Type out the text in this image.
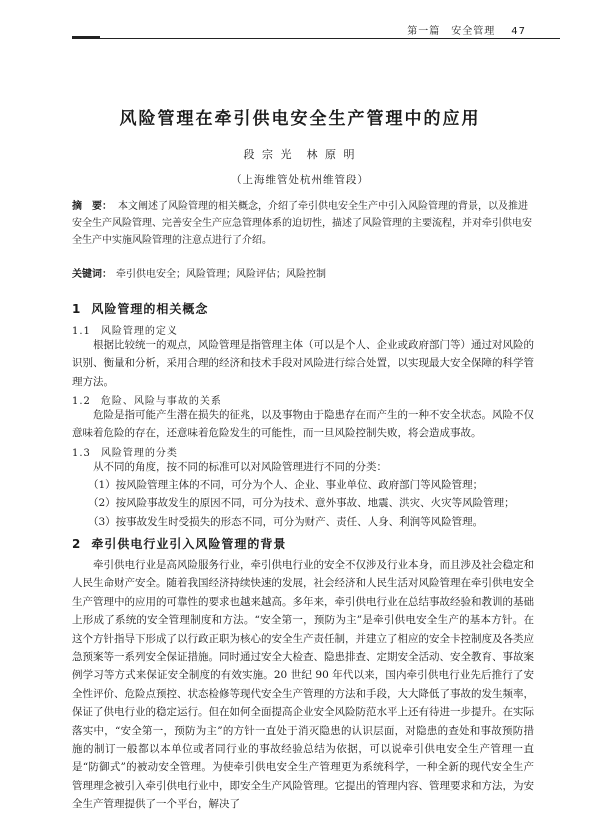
第一篇　安全管理 47
风险管理在牵引供电安全生产管理中的应用
段 宗 光　林 原 明
（上海维管处杭州维管段）
摘　要： 本文阐述了风险管理的相关概念，介绍了牵引供电安全生产中引入风险管理的背景，以及推进安全生产风险管理、完善安全生产应急管理体系的迫切性，描述了风险管理的主要流程，并对牵引供电安全生产中实施风险管理的注意点进行了介绍。
关键词： 牵引供电安全；风险管理；风险评估；风险控制
1 风险管理的相关概念
1.1 风险管理的定义

根据比较统一的观点，风险管理是指管理主体（可以是个人、企业或政府部门等）通过对风险的识别、衡量和分析，采用合理的经济和技术手段对风险进行综合处置，以实现最大安全保障的科学管理方法。

1.2 危险、风险与事故的关系

危险是指可能产生潜在损失的征兆，以及事物由于隐患存在而产生的一种不安全状态。风险不仅意味着危险的存在，还意味着危险发生的可能性，而一旦风险控制失败，将会造成事故。

1.3 风险管理的分类

从不同的角度，按不同的标准可以对风险管理进行不同的分类：

（1）按风险管理主体的不同，可分为个人、企业、事业单位、政府部门等风险管理；
（2）按风险事故发生的原因不同，可分为技术、意外事故、地震、洪灾、火灾等风险管理；
（3）按事故发生时受损失的形态不同，可分为财产、责任、人身、利润等风险管理。
2 牵引供电行业引入风险管理的背景

牵引供电行业是高风险服务行业，牵引供电行业的安全不仅涉及行业本身，而且涉及社会稳定和人民生命财产安全。随着我国经济持续快速的发展，社会经济和人民生活对风险管理在牵引供电安全生产管理中的应用的可靠性的要求也越来越高。多年来，牵引供电行业在总结事故经验和教训的基础上形成了系统的安全管理制度和方法。“安全第一，预防为主”是牵引供电安全生产的基本方针。在这个方针指导下形成了以行政正职为核心的安全生产责任制，并建立了相应的安全卡控制度及各类应急预案等一系列安全保证措施。同时通过安全大检查、隐患排查、定期安全活动、安全教育、事故案例学习等方式来保证安全制度的有效实施。20 世纪 90 年代以来，国内牵引供电行业先后推行了安全性评价、危险点预控、状态检修等现代安全生产管理的方法和手段，大大降低了事故的发生频率，保证了供电行业的稳定运行。但在如何全面提高企业安全风险防范水平上还有待进一步提升。在实际落实中，“安全第一，预防为主”的方针一直处于消灭隐患的认识层面，对隐患的查处和事故预防措施的制订一般都以本单位或者同行业的事故经验总结为依据，可以说牵引供电安全生产管理一直是“防御式”的被动安全管理。为使牵引供电安全生产管理更为系统科学，一种全新的现代安全生产管理理念被引入牵引供电行业中，即安全生产风险管理。它提出的管理内容、管理要求和方法，为安全生产管理提供了一个平台，解决了
